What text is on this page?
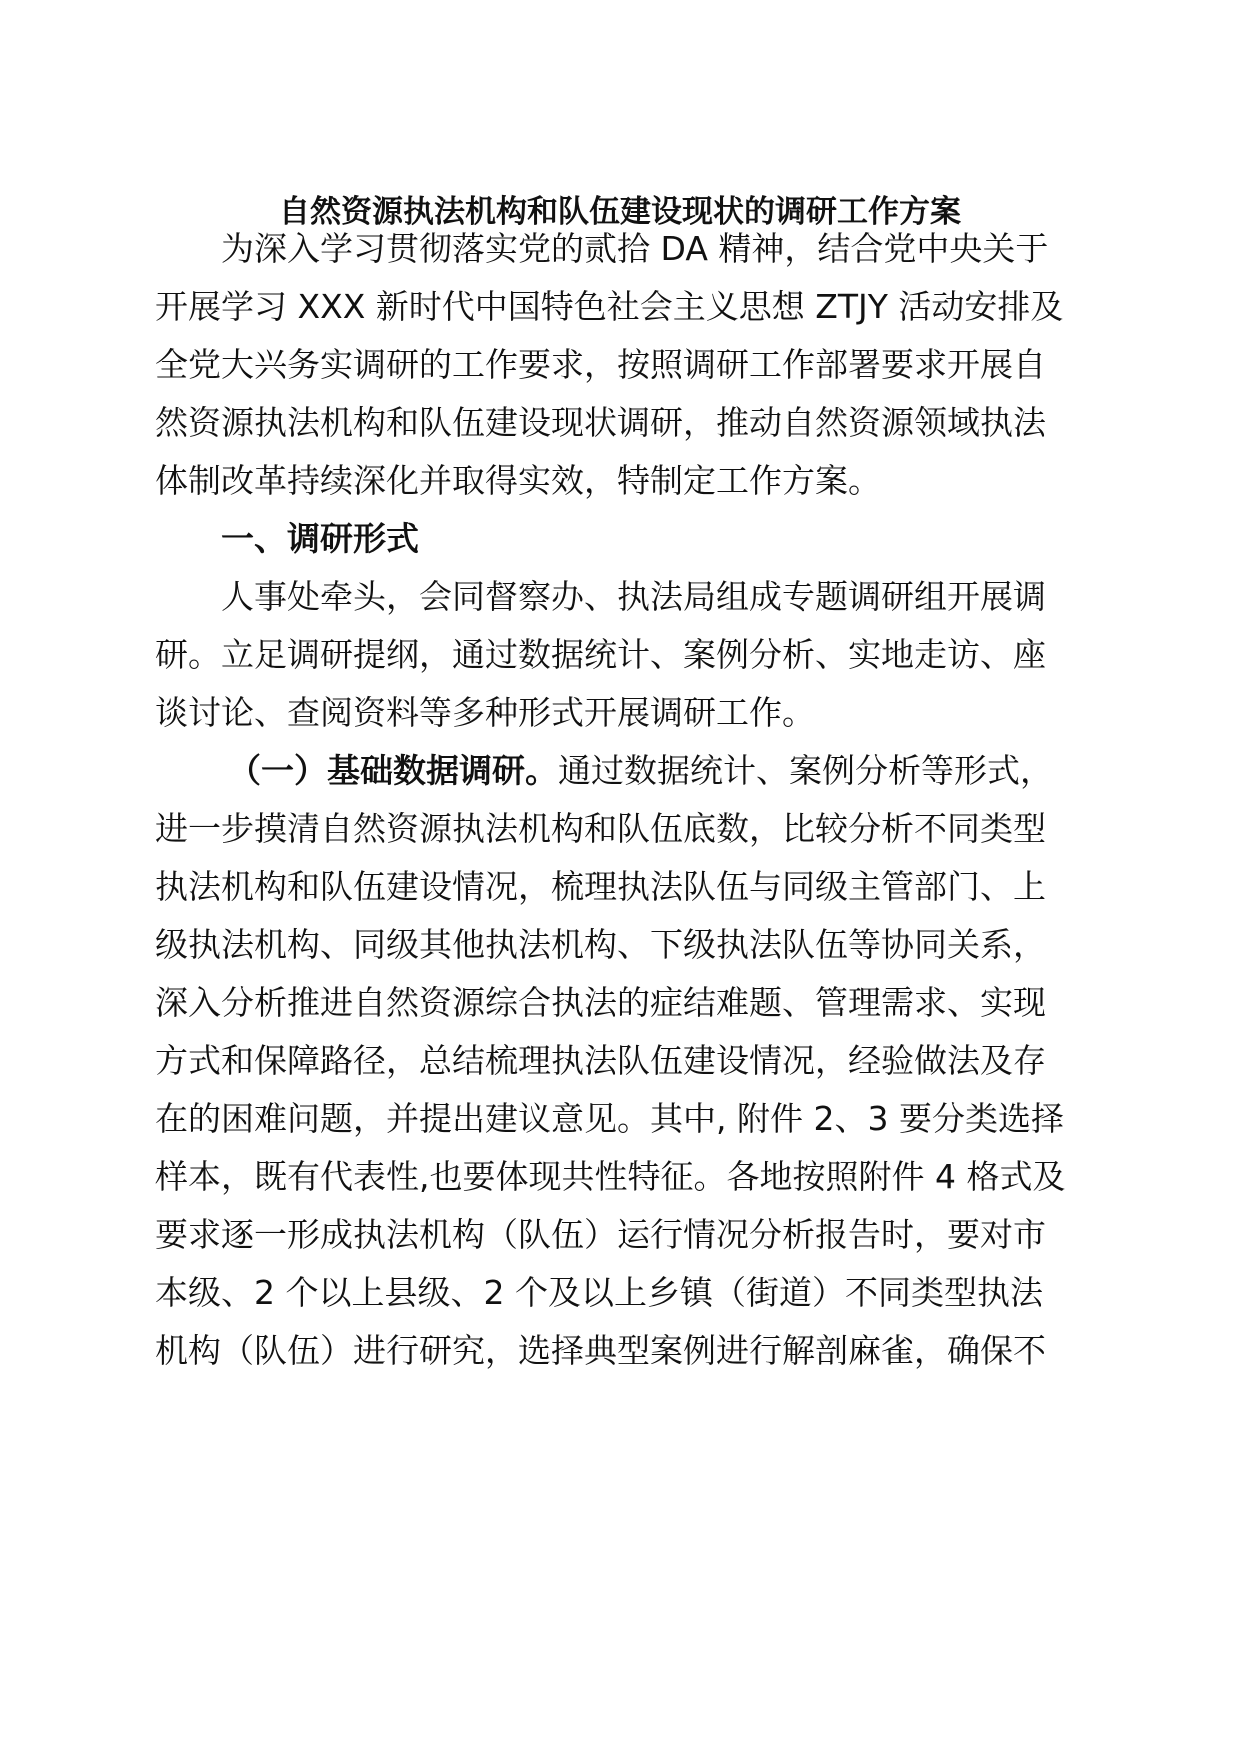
自然资源执法机构和队伍建设现状的调研工作方案
为深入学习贯彻落实党的贰拾 DA 精神，结合党中央关于
开展学习 XXX 新时代中国特色社会主义思想 ZTJY 活动安排及
全党大兴务实调研的工作要求，按照调研工作部署要求开展自
然资源执法机构和队伍建设现状调研，推动自然资源领域执法
体制改革持续深化并取得实效，特制定工作方案。
一、调研形式
人事处牵头，会同督察办、执法局组成专题调研组开展调
研。立足调研提纲，通过数据统计、案例分析、实地走访、座
谈讨论、查阅资料等多种形式开展调研工作。
（一）基础数据调研。通过数据统计、案例分析等形式，
进一步摸清自然资源执法机构和队伍底数，比较分析不同类型
执法机构和队伍建设情况，梳理执法队伍与同级主管部门、上
级执法机构、同级其他执法机构、下级执法队伍等协同关系，
深入分析推进自然资源综合执法的症结难题、管理需求、实现
方式和保障路径，总结梳理执法队伍建设情况，经验做法及存
在的困难问题，并提出建议意见。其中, 附件 2、3 要分类选择
样本，既有代表性,也要体现共性特征。各地按照附件 4 格式及
要求逐一形成执法机构（队伍）运行情况分析报告时，要对市
本级、2 个以上县级、2 个及以上乡镇（街道）不同类型执法
机构（队伍）进行研究，选择典型案例进行解剖麻雀，确保不
